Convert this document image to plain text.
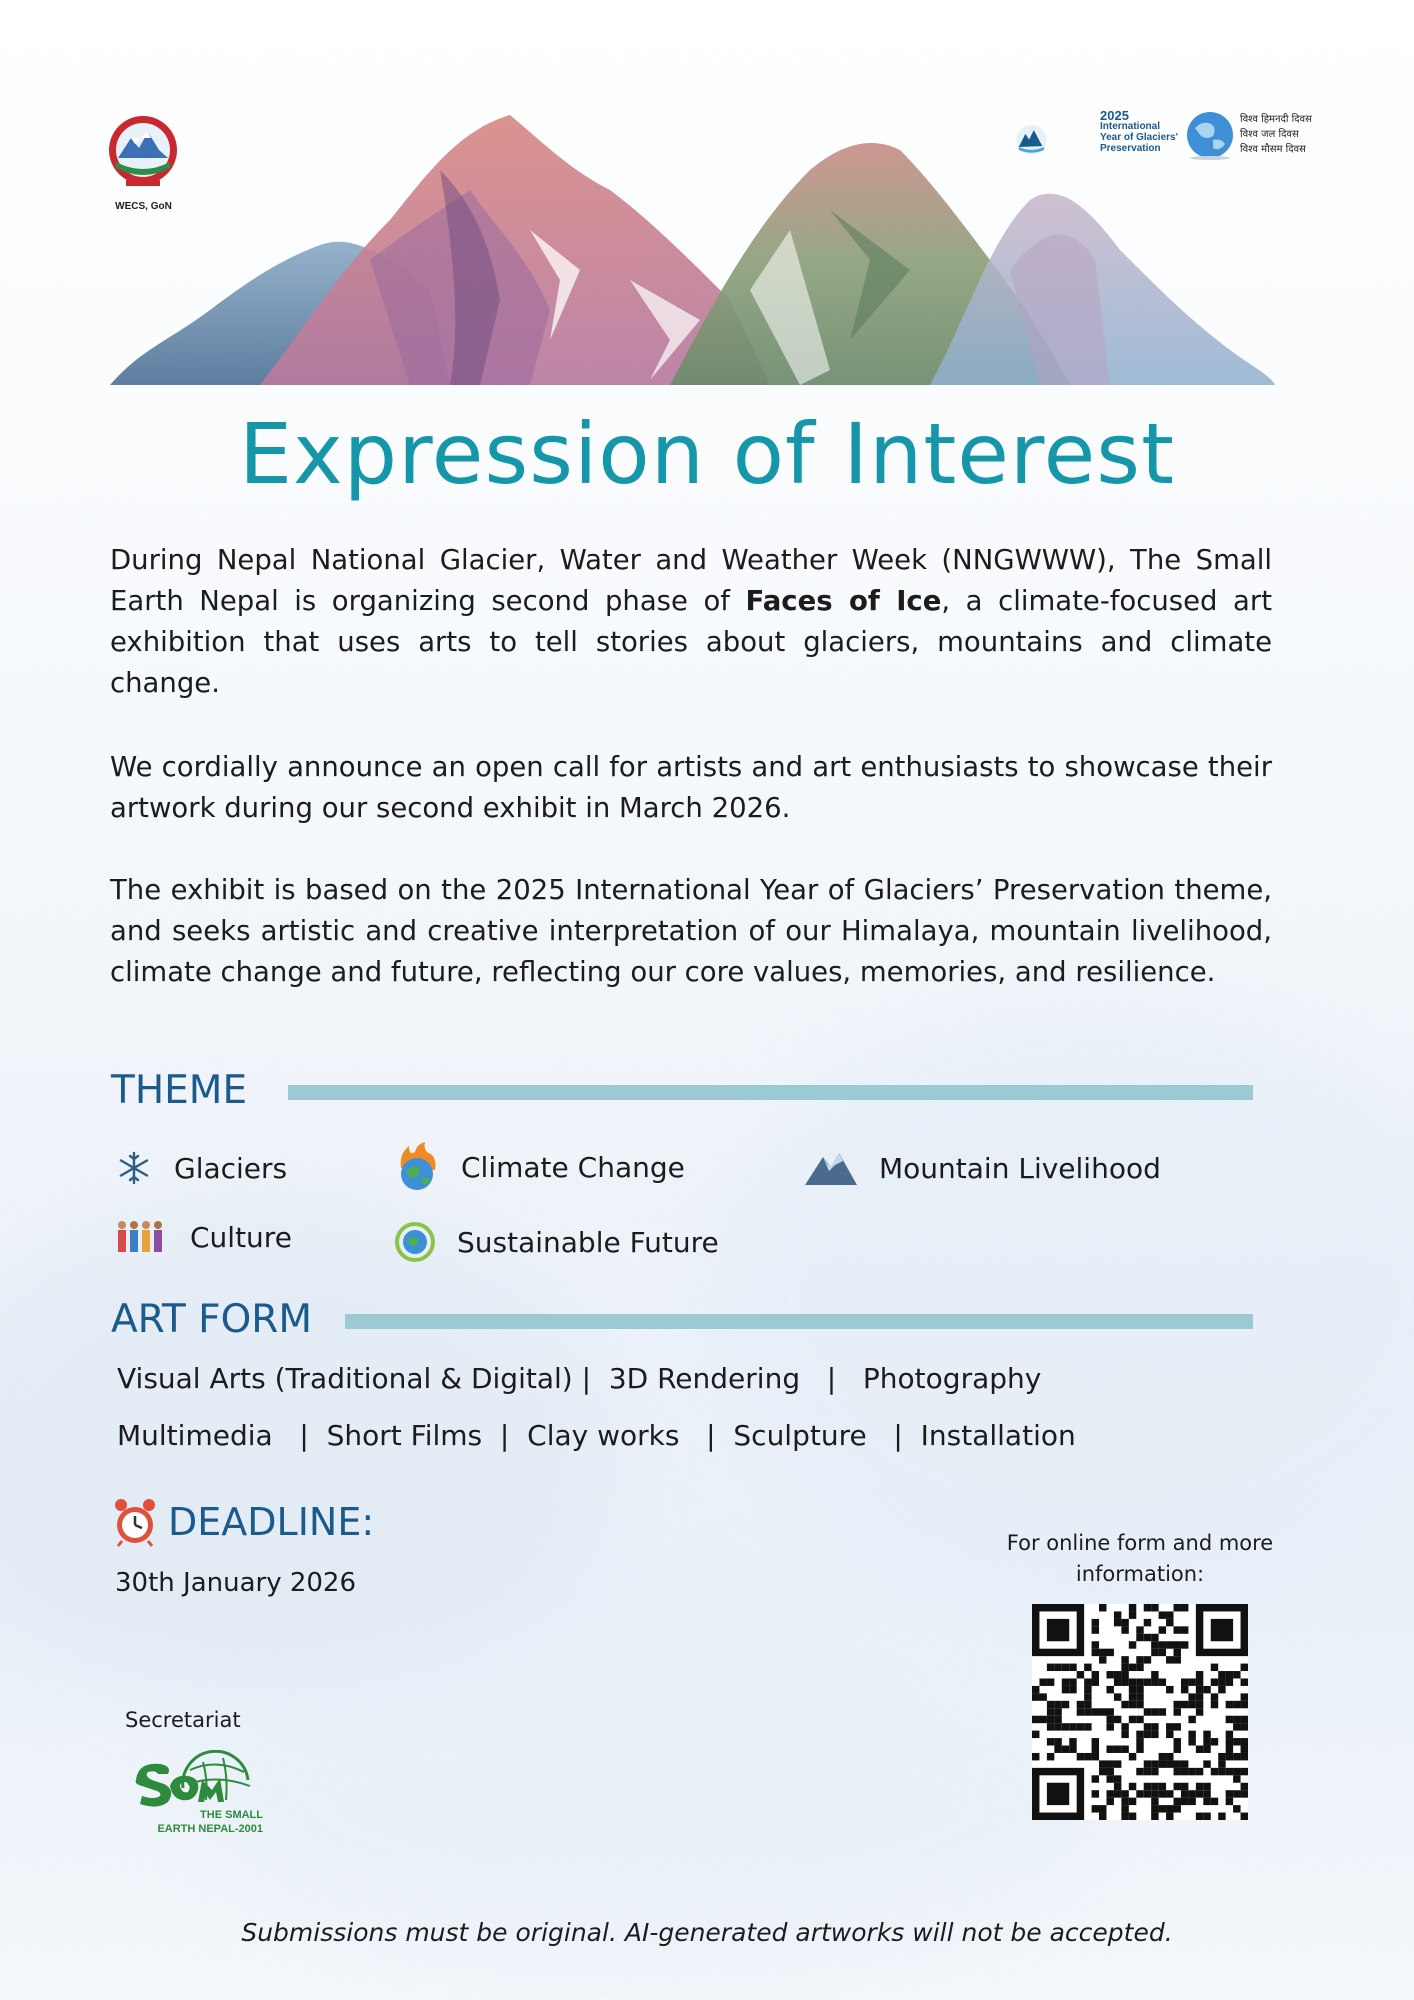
WECS, GoN
2025
International
Year of Glaciers'
Preservation
विश्व हिमनदी दिवस
विश्व जल दिवस
विश्व मौसम दिवस
Expression of Interest
During Nepal National Glacier, Water and Weather Week (NNGWWW), The Small Earth Nepal is organizing second phase of Faces of Ice, a climate-focused art exhibition that uses arts to tell stories about glaciers, mountains and climate change.
We cordially announce an open call for artists and art enthusiasts to showcase their artwork during our second exhibit in March 2026.
The exhibit is based on the 2025 International Year of Glaciers’ Preservation theme, and seeks artistic and creative interpretation of our Himalaya, mountain livelihood, climate change and future, reflecting our core values, memories, and resilience.
THEME
Glaciers	Climate Change	Mountain Livelihood
Culture	Sustainable Future
ART FORM
Visual Arts (Traditional & Digital) |  3D Rendering   |   Photography
Multimedia   |  Short Films  |  Clay works   |  Sculpture   |  Installation
DEADLINE:
30th January 2026
For online form and more information:
Secretariat
THE SMALL
EARTH NEPAL-2001
Submissions must be original. AI-generated artworks will not be accepted.
